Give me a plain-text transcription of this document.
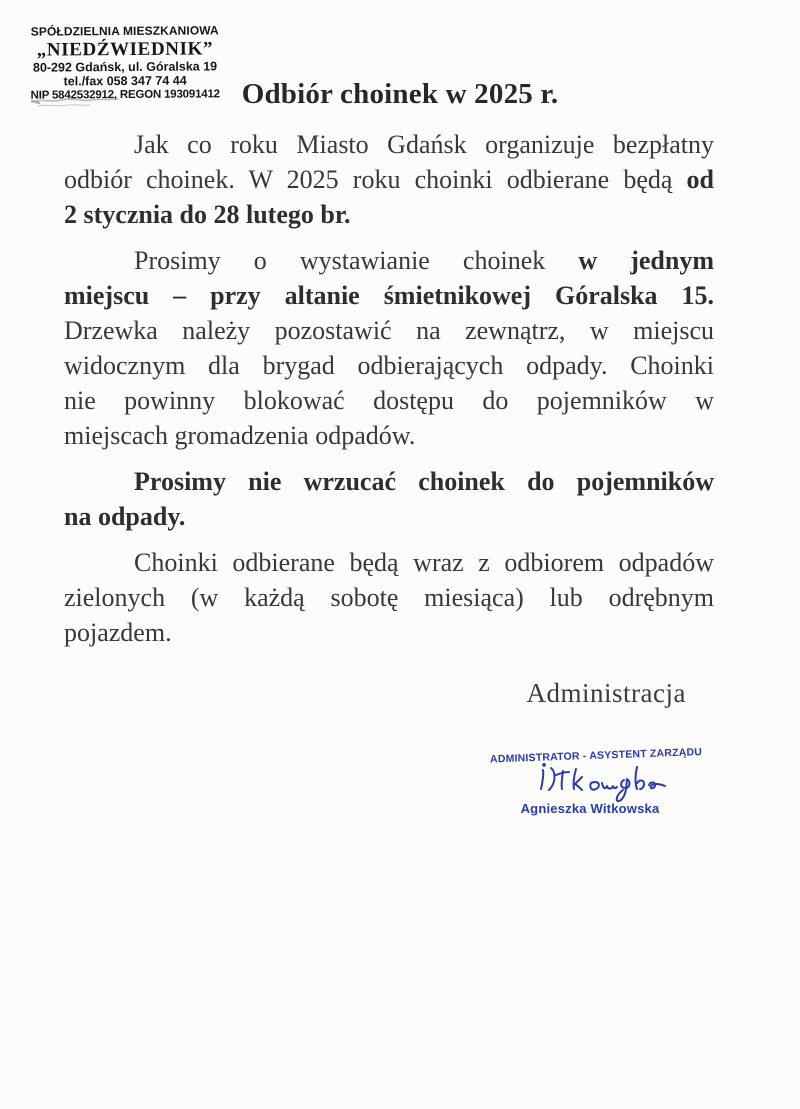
SPÓŁDZIELNIA MIESZKANIOWA
„NIEDŹWIEDNIK”
80-292 Gdańsk, ul. Góralska 19
tel./fax 058 347 74 44
NIP 5842532912, REGON 193091412 Odbiór choinek w 2025 r.
Jak co roku Miasto Gdańsk organizuje bezpłatny
odbiór choinek. W 2025 roku choinki odbierane będą od
2 stycznia do 28 lutego br.
Prosimy o wystawianie choinek w jednym
miejscu – przy altanie śmietnikowej Góralska 15.
Drzewka należy pozostawić na zewnątrz, w miejscu
widocznym dla brygad odbierających odpady. Choinki
nie powinny blokować dostępu do pojemników w
miejscach gromadzenia odpadów.
Prosimy nie wrzucać choinek do pojemników
na odpady.
Choinki odbierane będą wraz z odbiorem odpadów
zielonych (w każdą sobotę miesiąca) lub odrębnym
pojazdem.
Administracja
ADMINISTRATOR - ASYSTENT ZARZĄDU
Agnieszka Witkowska
